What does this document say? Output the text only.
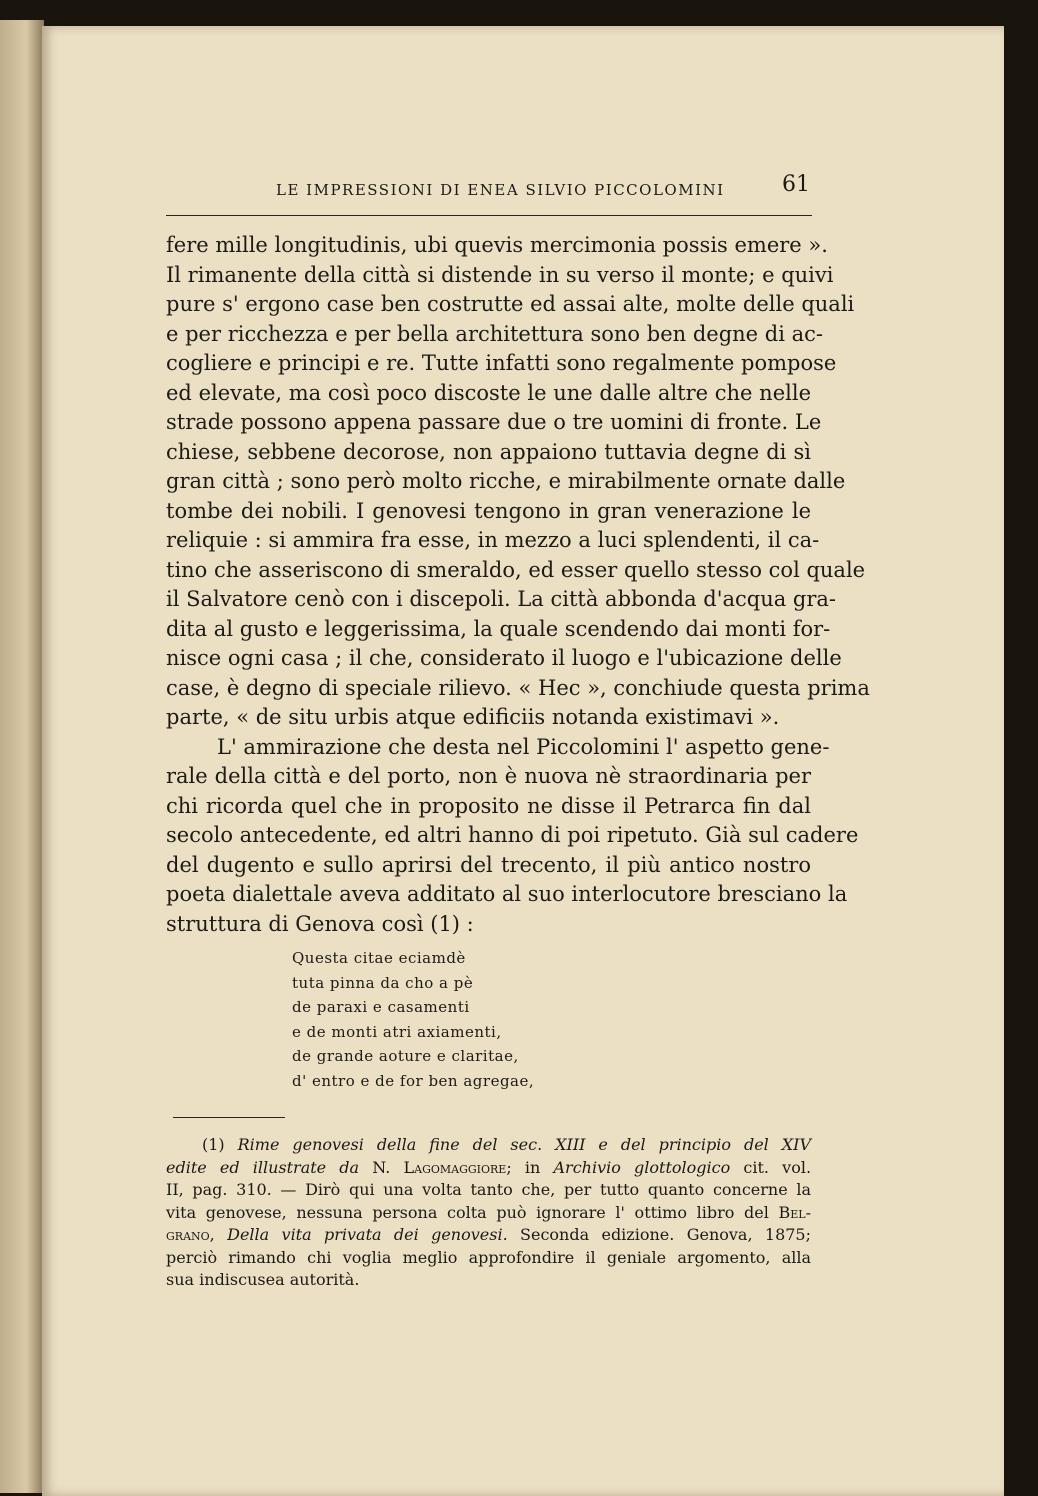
LE IMPRESSIONI DI ENEA SILVIO PICCOLOMINI	61
fere mille longitudinis, ubi quevis mercimonia possis emere ».
Il rimanente della città si distende in su verso il monte; e quivi
pure s' ergono case ben costrutte ed assai alte, molte delle quali
e per ricchezza e per bella architettura sono ben degne di ac-
cogliere e principi e re. Tutte infatti sono regalmente pompose
ed elevate, ma così poco discoste le une dalle altre che nelle
strade possono appena passare due o tre uomini di fronte. Le
chiese, sebbene decorose, non appaiono tuttavia degne di sì
gran città ; sono però molto ricche, e mirabilmente ornate dalle
tombe dei nobili. I genovesi tengono in gran venerazione le
reliquie : si ammira fra esse, in mezzo a luci splendenti, il ca-
tino che asseriscono di smeraldo, ed esser quello stesso col quale
il Salvatore cenò con i discepoli. La città abbonda d'acqua gra-
dita al gusto e leggerissima, la quale scendendo dai monti for-
nisce ogni casa ; il che, considerato il luogo e l'ubicazione delle
case, è degno di speciale rilievo. « Hec », conchiude questa prima
parte, « de situ urbis atque edificiis notanda existimavi ».
L' ammirazione che desta nel Piccolomini l' aspetto gene-
rale della città e del porto, non è nuova nè straordinaria per
chi ricorda quel che in proposito ne disse il Petrarca fin dal
secolo antecedente, ed altri hanno di poi ripetuto. Già sul cadere
del dugento e sullo aprirsi del trecento, il più antico nostro
poeta dialettale aveva additato al suo interlocutore bresciano la
struttura di Genova così (1) :
Questa citae eciamdè
tuta pinna da cho a pè
de paraxi e casamenti
e de monti atri axiamenti,
de grande aoture e claritae,
d' entro e de for ben agregae,
(1) Rime genovesi della fine del sec. XIII e del principio del XIV
edite ed illustrate da N. Lagomaggiore; in Archivio glottologico cit. vol.
II, pag. 310. — Dirò qui una volta tanto che, per tutto quanto concerne la
vita genovese, nessuna persona colta può ignorare l' ottimo libro del Bel-
grano, Della vita privata dei genovesi. Seconda edizione. Genova, 1875;
perciò rimando chi voglia meglio approfondire il geniale argomento, alla
sua indiscusea autorità.
